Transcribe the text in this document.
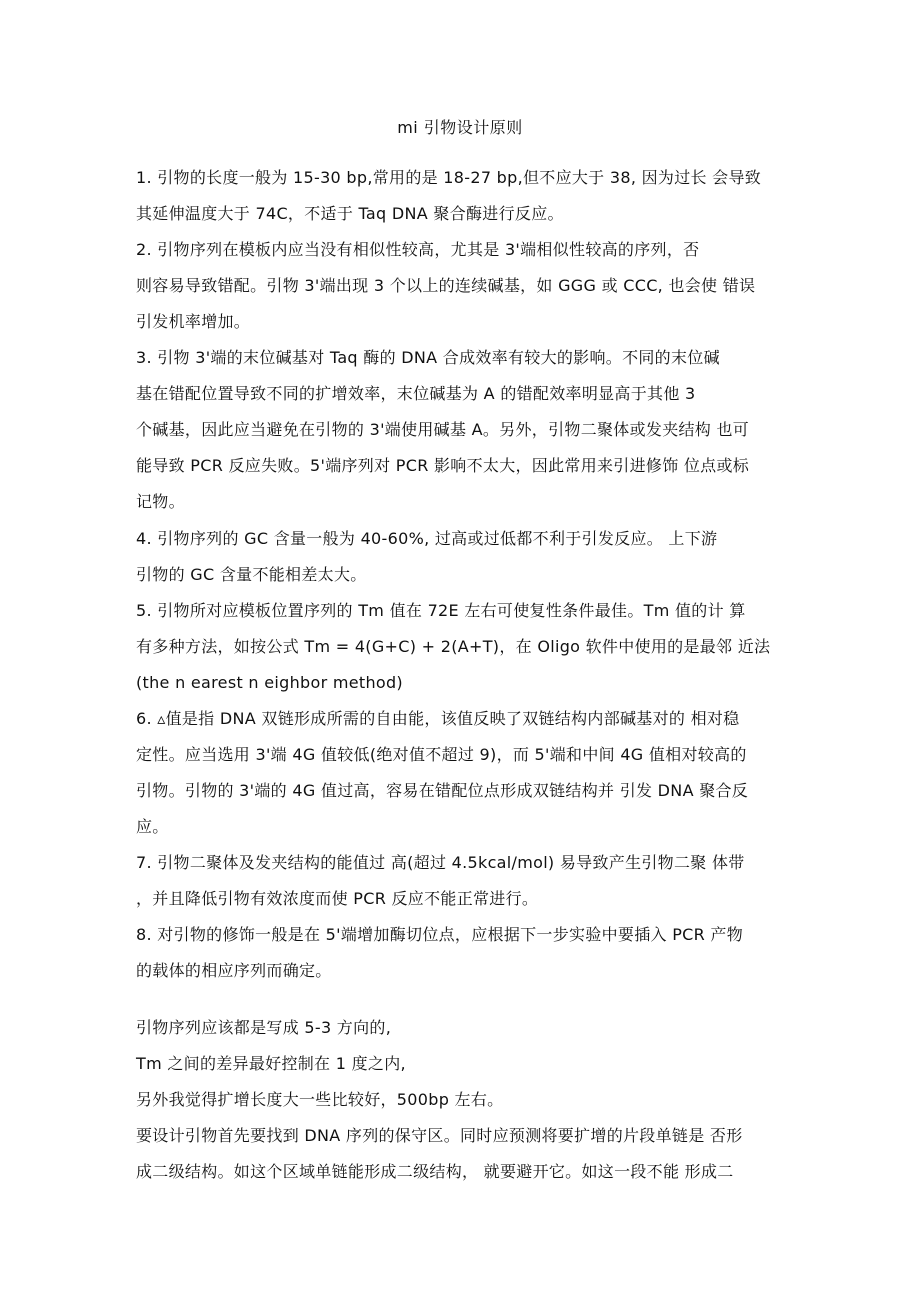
mi 引物设计原则
1. 引物的长度一般为 15-30 bp,常用的是 18-27 bp,但不应大于 38, 因为过长 会导致
其延伸温度大于 74C，不适于 Taq DNA 聚合酶进行反应。
2. 引物序列在模板内应当没有相似性较高，尤其是 3'端相似性较高的序列，否
则容易导致错配。引物 3'端出现 3 个以上的连续碱基，如 GGG 或 CCC, 也会使 错误
引发机率增加。
3. 引物 3'端的末位碱基对 Taq 酶的 DNA 合成效率有较大的影响。不同的末位碱
基在错配位置导致不同的扩增效率，末位碱基为 A 的错配效率明显高于其他 3
个碱基，因此应当避免在引物的 3'端使用碱基 A。另外，引物二聚体或发夹结构 也可
能导致 PCR 反应失败。5'端序列对 PCR 影响不太大，因此常用来引进修饰 位点或标
记物。
4. 引物序列的 GC 含量一般为 40-60%, 过高或过低都不利于引发反应。 上下游
引物的 GC 含量不能相差太大。
5. 引物所对应模板位置序列的 Tm 值在 72E 左右可使复性条件最佳。Tm 值的计 算
有多种方法，如按公式 Tm = 4(G+C) + 2(A+T)，在 Oligo 软件中使用的是最邻 近法
(the n earest n eighbor method)
6. ▵值是指 DNA 双链形成所需的自由能，该值反映了双链结构内部碱基对的 相对稳
定性。应当选用 3'端 4G 值较低(绝对值不超过 9)，而 5'端和中间 4G 值相对较高的
引物。引物的 3'端的 4G 值过高，容易在错配位点形成双链结构并 引发 DNA 聚合反
应。
7. 引物二聚体及发夹结构的能值过 高(超过 4.5kcal/mol) 易导致产生引物二聚 体带
，并且降低引物有效浓度而使 PCR 反应不能正常进行。
8. 对引物的修饰一般是在 5'端增加酶切位点，应根据下一步实验中要插入 PCR 产物
的载体的相应序列而确定。
引物序列应该都是写成 5-3 方向的,
Tm 之间的差异最好控制在 1 度之内,
另外我觉得扩增长度大一些比较好，500bp 左右。
要设计引物首先要找到 DNA 序列的保守区。同时应预测将要扩增的片段单链是 否形
成二级结构。如这个区域单链能形成二级结构， 就要避开它。如这一段不能 形成二
